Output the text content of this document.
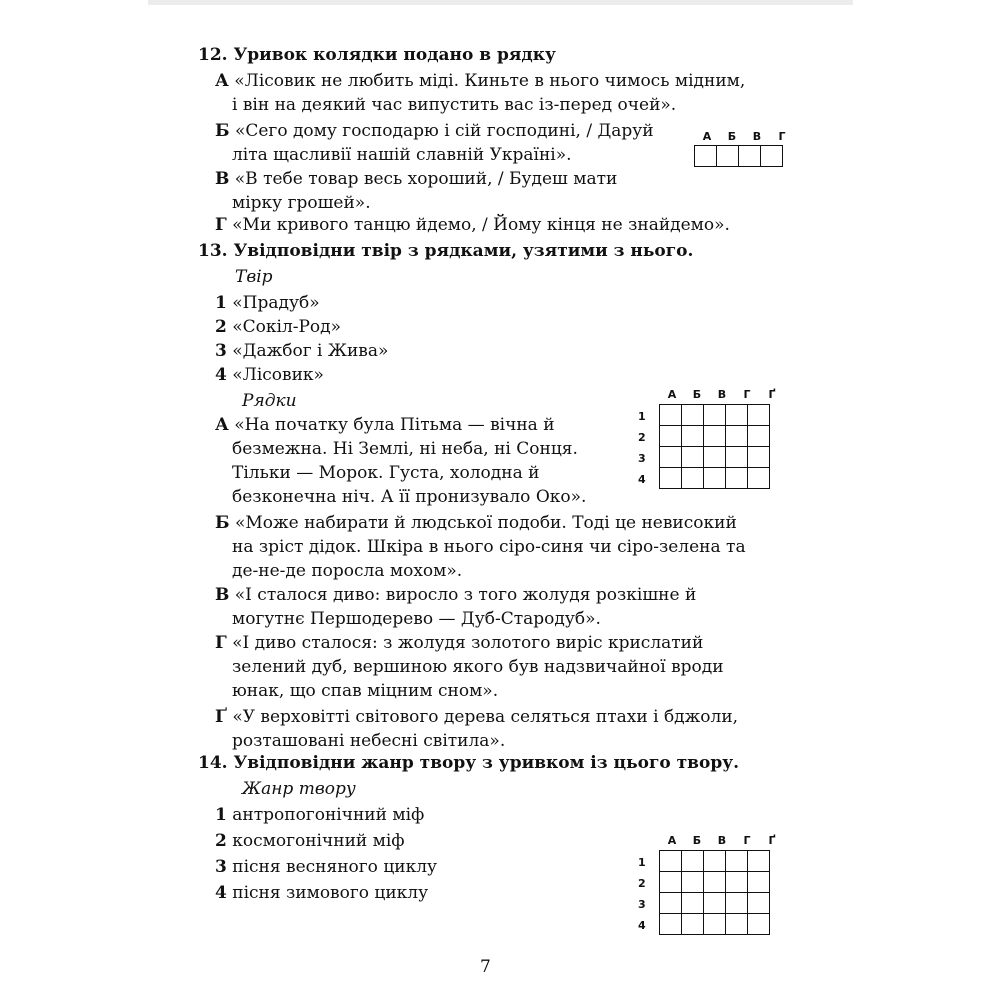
12. Уривок колядки подано в рядку
А «Лісовик не любить міді. Киньте в нього чимось мідним,
і він на деякий час випустить вас із-перед очей».
Б «Сего дому господарю і сій господині, / Даруй
літа щасливії нашій славній Україні».
В «В тебе товар весь хороший, / Будеш мати
мірку грошей».
Г «Ми кривого танцю йдемо, / Йому кінця не знайдемо».
А	Б	В	Г

13. Увідповідни твір з рядками, узятими з нього.
Твір
1 «Прадуб»
2 «Сокіл-Род»
3 «Дажбог і Жива»
4 «Лісовик»
Рядки
А «На початку була Пітьма — вічна й
безмежна. Ні Землі, ні неба, ні Сонця.
Тільки — Морок. Густа, холодна й
безконечна ніч. А її пронизувало Око».
Б «Може набирати й людської подоби. Тоді це невисокий
на зріст дідок. Шкіра в нього сіро-синя чи сіро-зелена та
де-не-де поросла мохом».
В «І сталося диво: виросло з того жолудя розкішне й
могутнє Першодерево — Дуб-Стародуб».
Г «І диво сталося: з жолудя золотого виріс крислатий
зелений дуб, вершиною якого був надзвичайної вроди
юнак, що спав міцним сном».
Ґ «У верховітті світового дерева селяться птахи і бджоли,
розташовані небесні світила».
А	Б	В	Г	Ґ
1
2
3
4

14. Увідповідни жанр твору з уривком із цього твору.
Жанр твору
1 антропогонічний міф
2 космогонічний міф
3 пісня весняного циклу
4 пісня зимового циклу
А	Б	В	Г	Ґ
1
2
3
4

7
